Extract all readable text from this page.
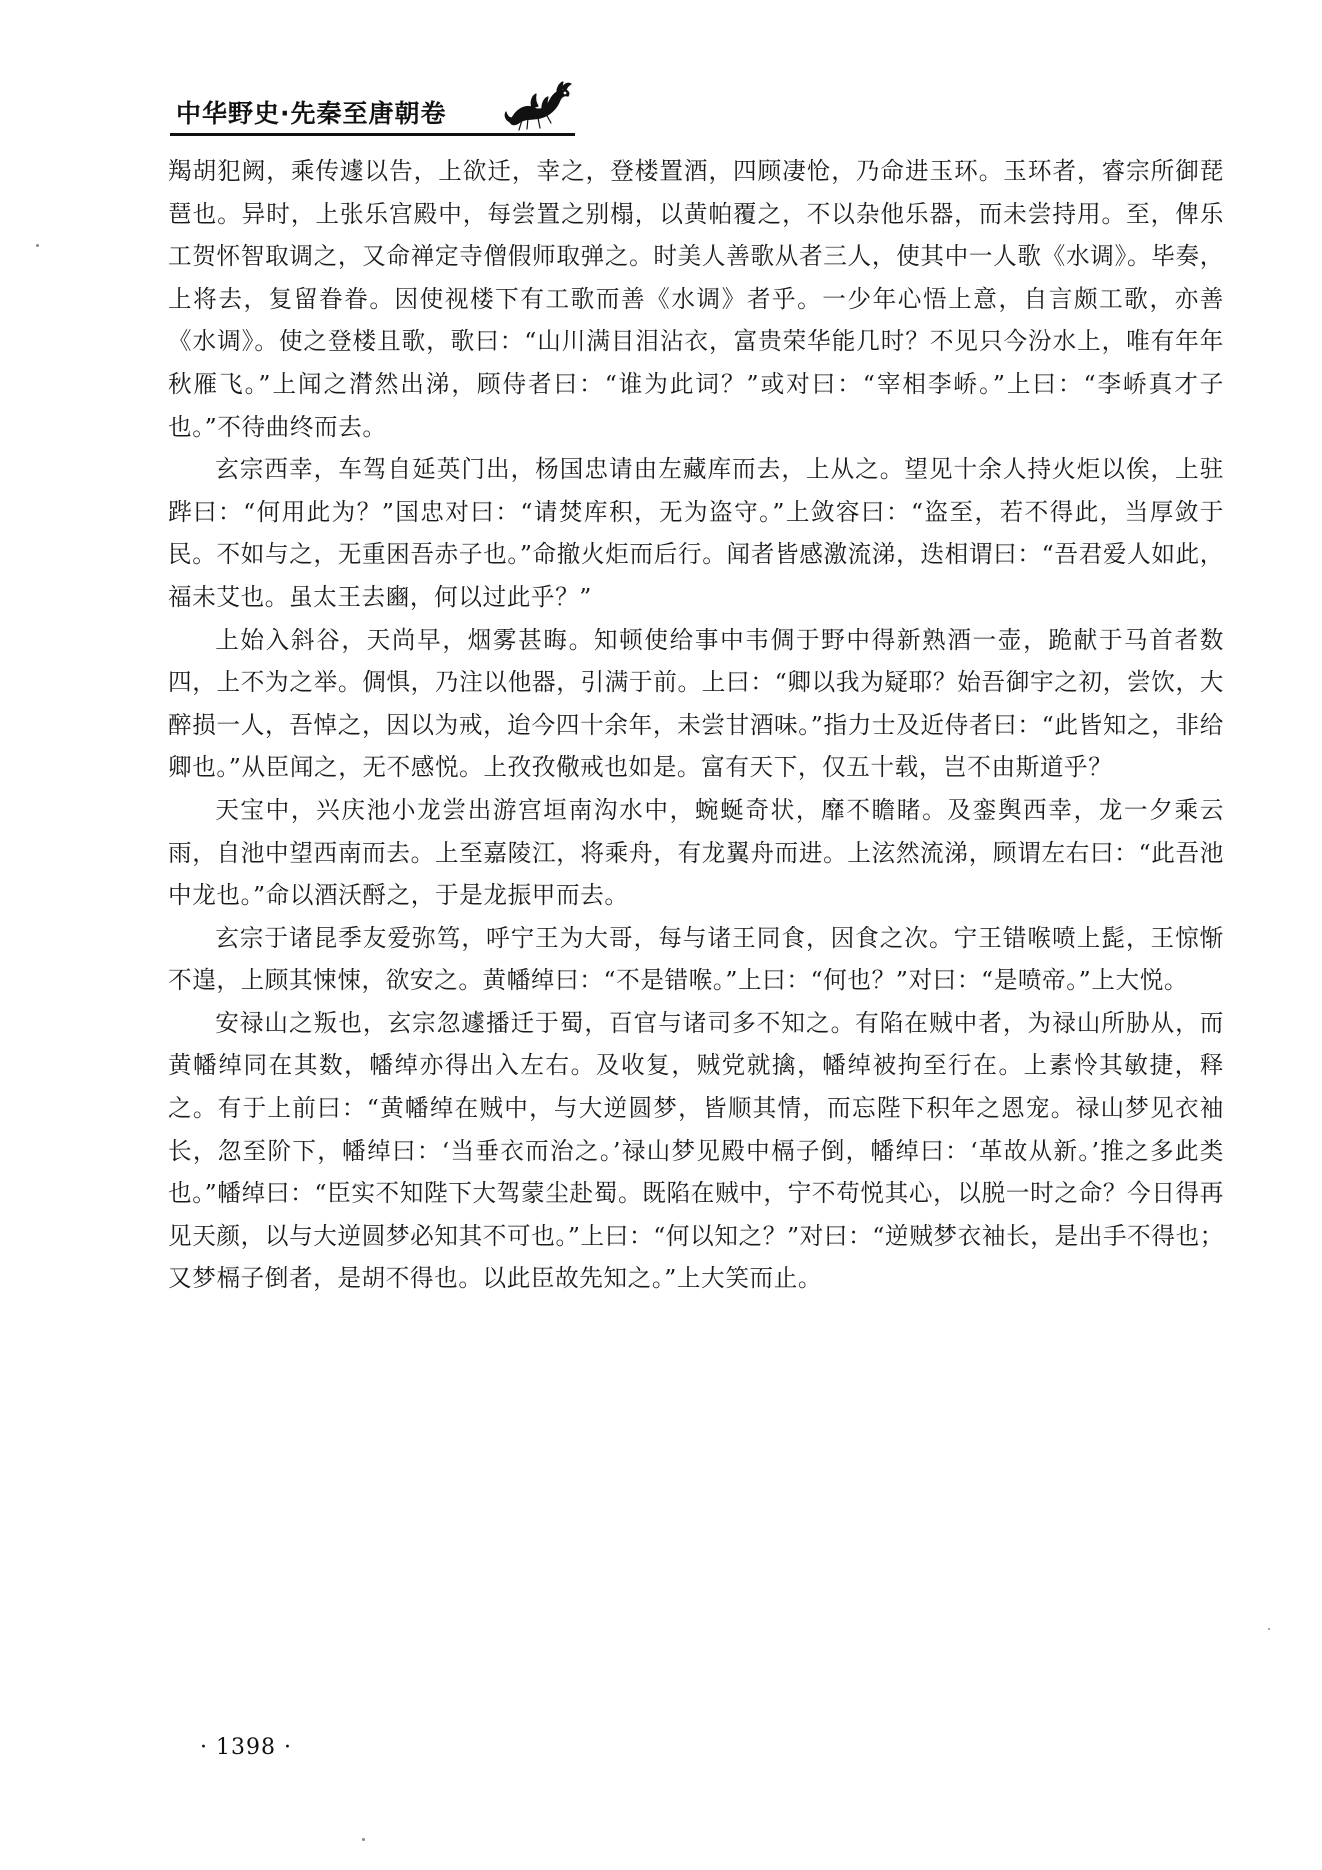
中华野史·先秦至唐朝卷

羯胡犯阙，乘传遽以告，上欲迁，幸之，登楼置酒，四顾凄怆，乃命进玉环。玉环者，睿宗所御琵琶也。异时，上张乐宫殿中，每尝置之别榻，以黄帕覆之，不以杂他乐器，而未尝持用。至，俾乐工贺怀智取调之，又命禅定寺僧假师取弹之。时美人善歌从者三人，使其中一人歌《水调》。毕奏，上将去，复留眷眷。因使视楼下有工歌而善《水调》者乎。一少年心悟上意，自言颇工歌，亦善《水调》。使之登楼且歌，歌曰：“山川满目泪沾衣，富贵荣华能几时？不见只今汾水上，唯有年年秋雁飞。”上闻之潸然出涕，顾侍者曰：“谁为此词？”或对曰：“宰相李峤。”上曰：“李峤真才子也。”不待曲终而去。

玄宗西幸，车驾自延英门出，杨国忠请由左藏库而去，上从之。望见十余人持火炬以俟，上驻跸曰：“何用此为？”国忠对曰：“请焚库积，无为盗守。”上敛容曰：“盗至，若不得此，当厚敛于民。不如与之，无重困吾赤子也。”命撤火炬而后行。闻者皆感激流涕，迭相谓曰：“吾君爱人如此，福未艾也。虽太王去豳，何以过此乎？”

上始入斜谷，天尚早，烟雾甚晦。知顿使给事中韦倜于野中得新熟酒一壶，跪献于马首者数四，上不为之举。倜惧，乃注以他器，引满于前。上曰：“卿以我为疑耶？始吾御宇之初，尝饮，大醉损一人，吾悼之，因以为戒，迨今四十余年，未尝甘酒味。”指力士及近侍者曰：“此皆知之，非给卿也。”从臣闻之，无不感悦。上孜孜儆戒也如是。富有天下，仅五十载，岂不由斯道乎？

天宝中，兴庆池小龙尝出游宫垣南沟水中，蜿蜒奇状，靡不瞻睹。及銮舆西幸，龙一夕乘云雨，自池中望西南而去。上至嘉陵江，将乘舟，有龙翼舟而进。上泫然流涕，顾谓左右曰：“此吾池中龙也。”命以酒沃酹之，于是龙振甲而去。

玄宗于诸昆季友爱弥笃，呼宁王为大哥，每与诸王同食，因食之次。宁王错喉喷上髭，王惊惭不遑，上顾其悚悚，欲安之。黄幡绰曰：“不是错喉。”上曰：“何也？”对曰：“是喷帝。”上大悦。

安禄山之叛也，玄宗忽遽播迁于蜀，百官与诸司多不知之。有陷在贼中者，为禄山所胁从，而黄幡绰同在其数，幡绰亦得出入左右。及收复，贼党就擒，幡绰被拘至行在。上素怜其敏捷，释之。有于上前曰：“黄幡绰在贼中，与大逆圆梦，皆顺其情，而忘陛下积年之恩宠。禄山梦见衣袖长，忽至阶下，幡绰曰：‘当垂衣而治之。’禄山梦见殿中槅子倒，幡绰曰：‘革故从新。’推之多此类也。”幡绰曰：“臣实不知陛下大驾蒙尘赴蜀。既陷在贼中，宁不苟悦其心，以脱一时之命？今日得再见天颜，以与大逆圆梦必知其不可也。”上曰：“何以知之？”对曰：“逆贼梦衣袖长，是出手不得也；又梦槅子倒者，是胡不得也。以此臣故先知之。”上大笑而止。

· 1398 ·
